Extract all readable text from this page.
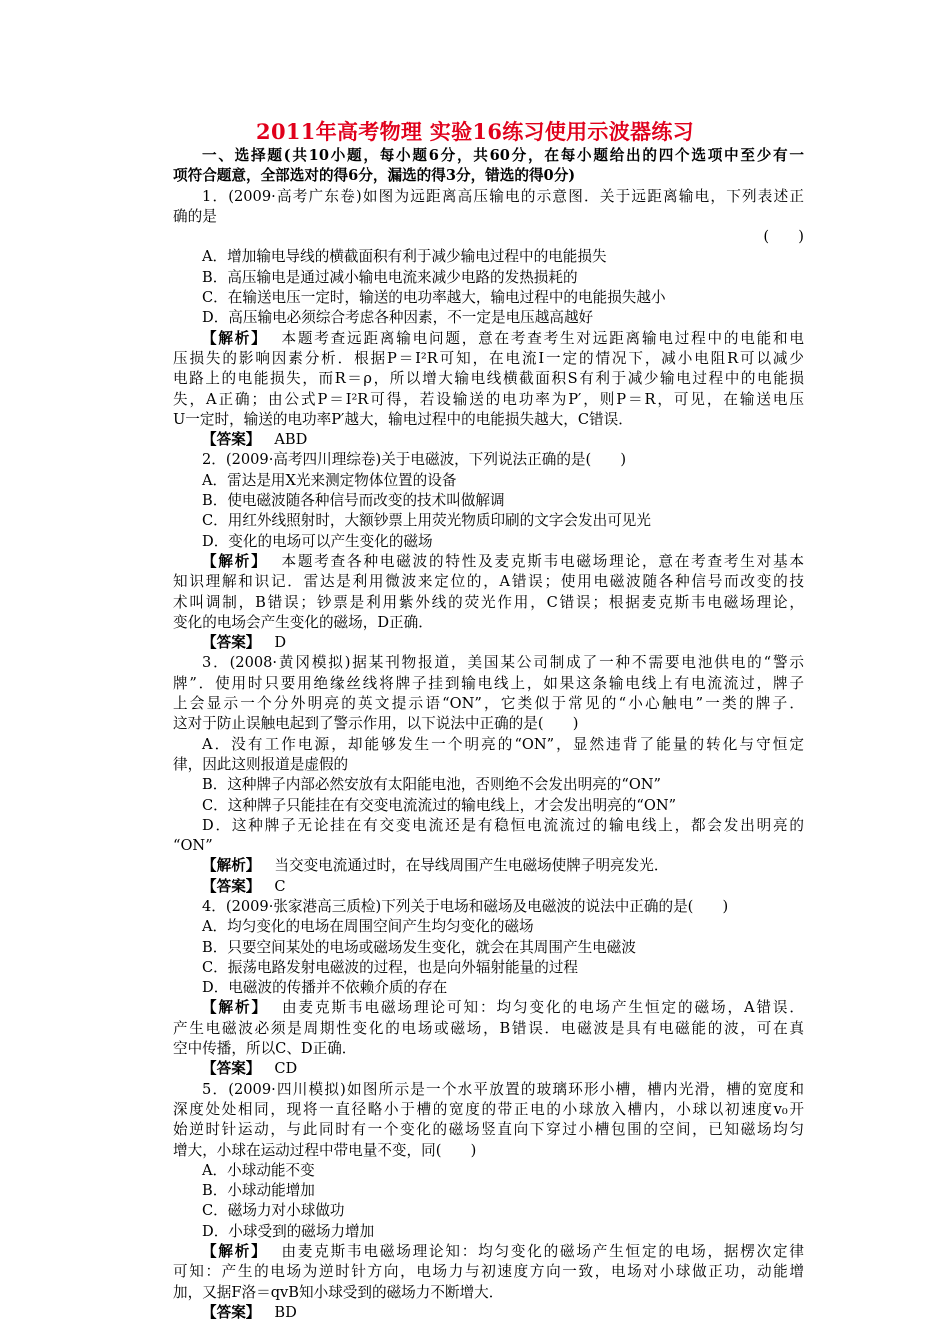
2011年高考物理 实验16练习使用示波器练习

一、选择题(共10小题，每小题6分，共60分，在每小题给出的四个选项中至少有一

项符合题意，全部选对的得6分，漏选的得3分，错选的得0分)

1．(2009·高考广东卷)如图为远距离高压输电的示意图．关于远距离输电，下列表述正

确的是

(　　)

A．增加输电导线的横截面积有利于减少输电过程中的电能损失

B．高压输电是通过减小输电电流来减少电路的发热损耗的

C．在输送电压一定时，输送的电功率越大，输电过程中的电能损失越小

D．高压输电必须综合考虑各种因素，不一定是电压越高越好

【解析】 本题考查远距离输电问题，意在考查考生对远距离输电过程中的电能和电

压损失的影响因素分析．根据P＝I²R可知，在电流I一定的情况下，减小电阻R可以减少

电路上的电能损失，而R＝ρ，所以增大输电线横截面积S有利于减少输电过程中的电能损

失，A正确；由公式P＝I²R可得，若设输送的电功率为P′，则P＝R，可见，在输送电压

U一定时，输送的电功率P′越大，输电过程中的电能损失越大，C错误．

【答案】 ABD

2．(2009·高考四川理综卷)关于电磁波，下列说法正确的是(　　)

A．雷达是用X光来测定物体位置的设备

B．使电磁波随各种信号而改变的技术叫做解调

C．用红外线照射时，大额钞票上用荧光物质印刷的文字会发出可见光

D．变化的电场可以产生变化的磁场

【解析】 本题考查各种电磁波的特性及麦克斯韦电磁场理论，意在考查考生对基本

知识理解和识记．雷达是利用微波来定位的，A错误；使用电磁波随各种信号而改变的技

术叫调制，B错误；钞票是利用紫外线的荧光作用，C错误；根据麦克斯韦电磁场理论，

变化的电场会产生变化的磁场，D正确．

【答案】 D

3．(2008·黄冈模拟)据某刊物报道，美国某公司制成了一种不需要电池供电的“警示

牌”．使用时只要用绝缘丝线将牌子挂到输电线上，如果这条输电线上有电流流过，牌子

上会显示一个分外明亮的英文提示语“ON”，它类似于常见的“小心触电”一类的牌子．

这对于防止误触电起到了警示作用，以下说法中正确的是(　　)

A．没有工作电源，却能够发生一个明亮的“ON”，显然违背了能量的转化与守恒定

律，因此这则报道是虚假的

B．这种牌子内部必然安放有太阳能电池，否则绝不会发出明亮的“ON”

C．这种牌子只能挂在有交变电流流过的输电线上，才会发出明亮的“ON”

D．这种牌子无论挂在有交变电流还是有稳恒电流流过的输电线上，都会发出明亮的

“ON”

【解析】 当交变电流通过时，在导线周围产生电磁场使牌子明亮发光．

【答案】 C

4．(2009·张家港高三质检)下列关于电场和磁场及电磁波的说法中正确的是(　　)

A．均匀变化的电场在周围空间产生均匀变化的磁场

B．只要空间某处的电场或磁场发生变化，就会在其周围产生电磁波

C．振荡电路发射电磁波的过程，也是向外辐射能量的过程

D．电磁波的传播并不依赖介质的存在

【解析】 由麦克斯韦电磁场理论可知：均匀变化的电场产生恒定的磁场，A错误．

产生电磁波必须是周期性变化的电场或磁场，B错误．电磁波是具有电磁能的波，可在真

空中传播，所以C、D正确．

【答案】 CD

5．(2009·四川模拟)如图所示是一个水平放置的玻璃环形小槽，槽内光滑，槽的宽度和

深度处处相同，现将一直径略小于槽的宽度的带正电的小球放入槽内，小球以初速度v₀开

始逆时针运动，与此同时有一个变化的磁场竖直向下穿过小槽包围的空间，已知磁场均匀

增大，小球在运动过程中带电量不变，同(　　)

A．小球动能不变

B．小球动能增加

C．磁场力对小球做功

D．小球受到的磁场力增加

【解析】 由麦克斯韦电磁场理论知：均匀变化的磁场产生恒定的电场，据楞次定律

可知：产生的电场为逆时针方向，电场力与初速度方向一致，电场对小球做正功，动能增

加，又据F洛＝qvB知小球受到的磁场力不断增大．

【答案】 BD
